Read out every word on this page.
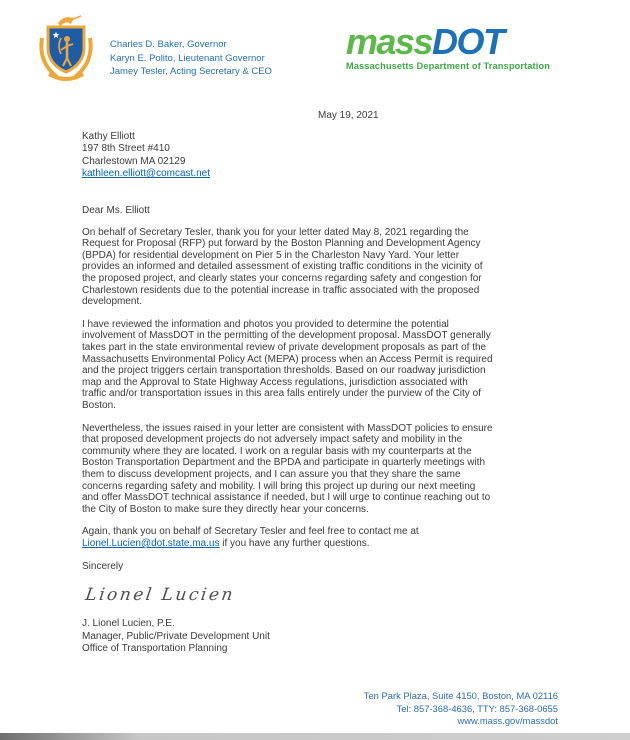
Charles D. Baker, Governor
Karyn E. Polito, Lieutenant Governor
Jamey Tesler, Acting Secretary & CEO
massDOT
Massachusetts Department of Transportation
May 19, 2021
Kathy Elliott
197 8th Street #410
Charlestown MA 02129
kathleen.elliott@comcast.net
Dear Ms. Elliott
On behalf of Secretary Tesler, thank you for your letter dated May 8, 2021 regarding the
Request for Proposal (RFP) put forward by the Boston Planning and Development Agency
(BPDA) for residential development on Pier 5 in the Charleston Navy Yard. Your letter
provides an informed and detailed assessment of existing traffic conditions in the vicinity of
the proposed project, and clearly states your concerns regarding safety and congestion for
Charlestown residents due to the potential increase in traffic associated with the proposed
development.
I have reviewed the information and photos you provided to determine the potential
involvement of MassDOT in the permitting of the development proposal. MassDOT generally
takes part in the state environmental review of private development proposals as part of the
Massachusetts Environmental Policy Act (MEPA) process when an Access Permit is required
and the project triggers certain transportation thresholds. Based on our roadway jurisdiction
map and the Approval to State Highway Access regulations, jurisdiction associated with
traffic and/or transportation issues in this area falls entirely under the purview of the City of
Boston.
Nevertheless, the issues raised in your letter are consistent with MassDOT policies to ensure
that proposed development projects do not adversely impact safety and mobility in the
community where they are located. I work on a regular basis with my counterparts at the
Boston Transportation Department and the BPDA and participate in quarterly meetings with
them to discuss development projects, and I can assure you that they share the same
concerns regarding safety and mobility. I will bring this project up during our next meeting
and offer MassDOT technical assistance if needed, but I will urge to continue reaching out to
the City of Boston to make sure they directly hear your concerns.
Again, thank you on behalf of Secretary Tesler and feel free to contact me at
Lionel.Lucien@dot.state.ma.us if you have any further questions.
Sincerely
Lionel Lucien
J. Lionel Lucien, P.E.
Manager, Public/Private Development Unit
Office of Transportation Planning
Ten Park Plaza, Suite 4150, Boston, MA 02116
Tel: 857-368-4636, TTY: 857-368-0655
www.mass.gov/massdot
